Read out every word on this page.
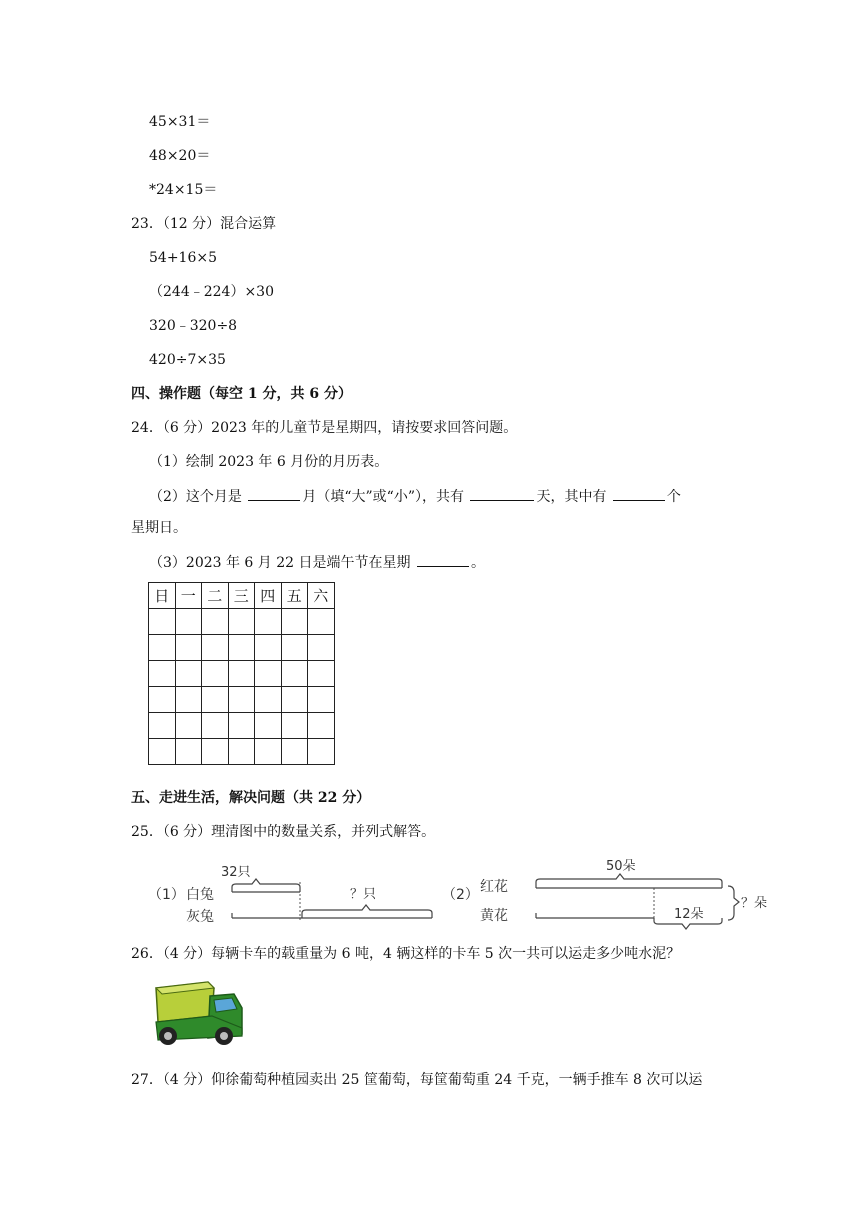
45×31＝
48×20＝
*24×15＝
23．（12 分）混合运算
54+16×5
（244﹣224）×30
320﹣320÷8
420÷7×35
四、操作题（每空 1 分，共 6 分）
24．（6 分）2023 年的儿童节是星期四，请按要求回答问题。
（1）绘制 2023 年 6 月份的月历表。
（2）这个月是	月（填“大”或“小”），共有	天，其中有	个
星期日。
（3）2023 年 6 月 22 日是端午节在星期	。
日	一	二	三	四	五	六

五、走进生活，解决问题（共 22 分）
25．（6 分）理清图中的数量关系，并列式解答。
（1） 白兔
灰兔
32只
？只	（2） 红花
黄花
50朵
12朵
？朵
26．（4 分）每辆卡车的载重量为 6 吨，4 辆这样的卡车 5 次一共可以运走多少吨水泥？
27．（4 分）仰徐葡萄种植园卖出 25 筐葡萄，每筐葡萄重 24 千克，一辆手推车 8 次可以运
